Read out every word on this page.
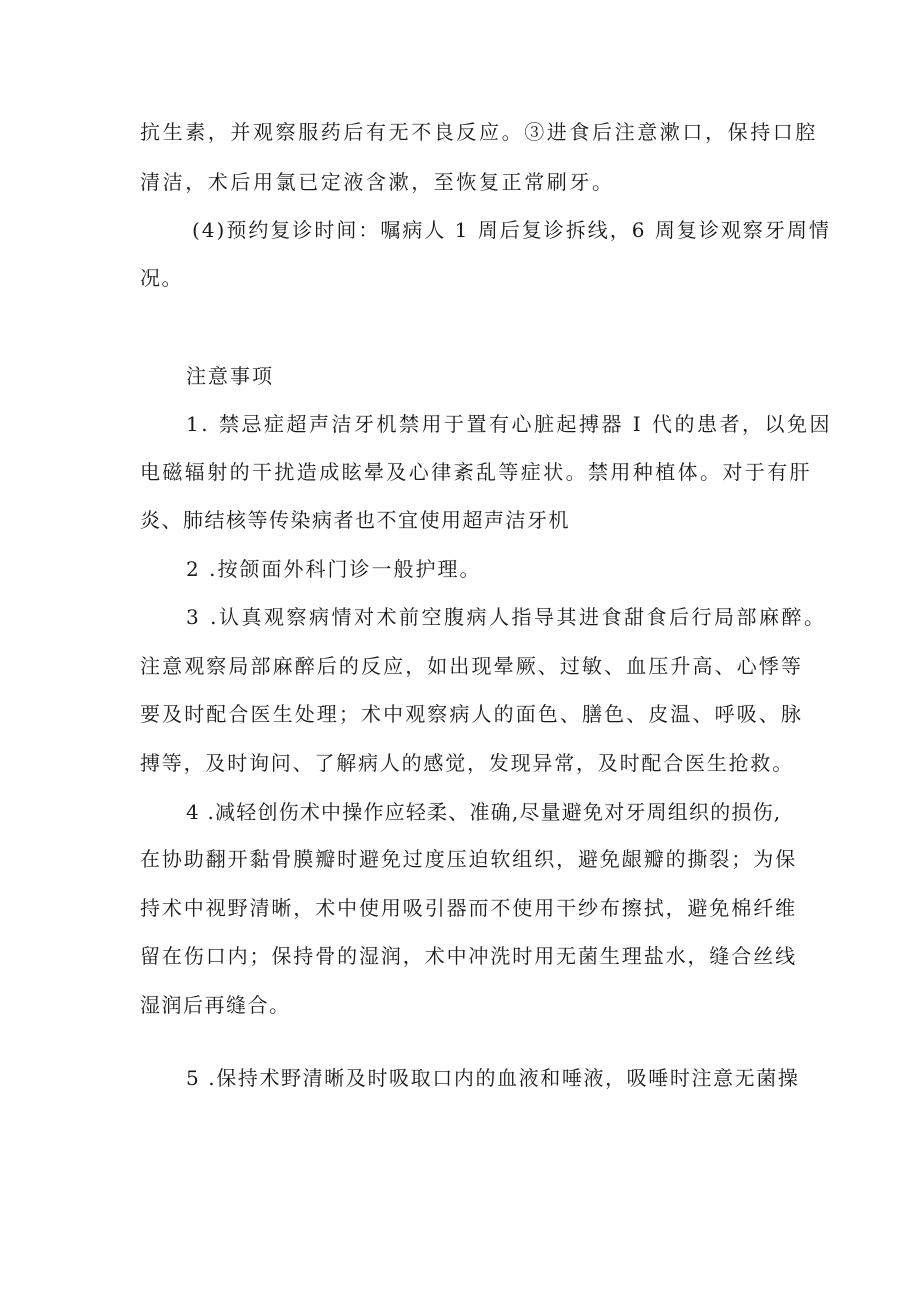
抗生素，并观察服药后有无不良反应。③进食后注意漱口，保持口腔
清洁，术后用氯已定液含漱，至恢复正常刷牙。
(4)预约复诊时间：嘱病人 1 周后复诊拆线，6 周复诊观察牙周情
况。
注意事项
1. 禁忌症超声洁牙机禁用于置有心脏起搏器 I 代的患者，以免因
电磁辐射的干扰造成眩晕及心律紊乱等症状。禁用种植体。对于有肝
炎、肺结核等传染病者也不宜使用超声洁牙机
2 .按颌面外科门诊一般护理。
3 .认真观察病情对术前空腹病人指导其进食甜食后行局部麻醉。
注意观察局部麻醉后的反应，如出现晕厥、过敏、血压升高、心悸等
要及时配合医生处理；术中观察病人的面色、膳色、皮温、呼吸、脉
搏等，及时询问、了解病人的感觉，发现异常，及时配合医生抢救。
4 .减轻创伤术中操作应轻柔、准确,尽量避免对牙周组织的损伤,
在协助翻开黏骨膜瓣时避免过度压迫软组织，避免龈瓣的撕裂；为保
持术中视野清晰，术中使用吸引器而不使用干纱布擦拭，避免棉纤维
留在伤口内；保持骨的湿润，术中冲洗时用无菌生理盐水，缝合丝线
湿润后再缝合。
5 .保持术野清晰及时吸取口内的血液和唾液，吸唾时注意无菌操
